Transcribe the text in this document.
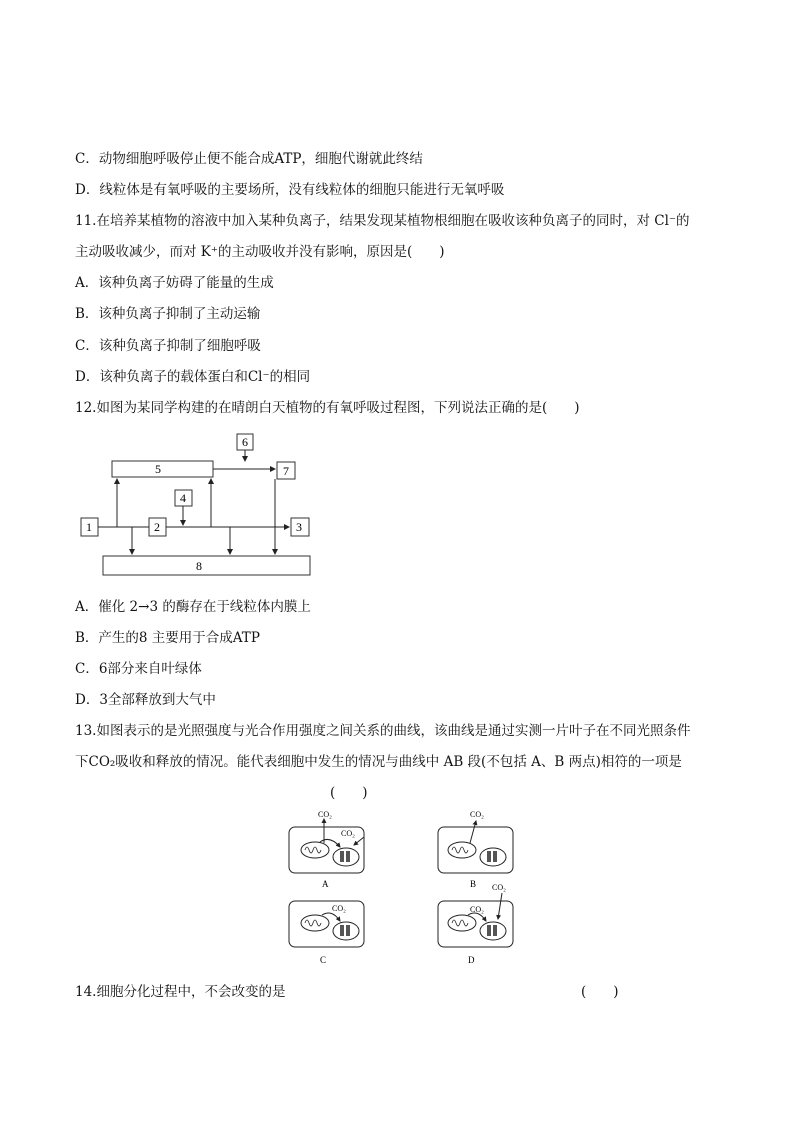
C．动物细胞呼吸停止便不能合成ATP，细胞代谢就此终结
D．线粒体是有氧呼吸的主要场所，没有线粒体的细胞只能进行无氧呼吸
11.在培养某植物的溶液中加入某种负离子，结果发现某植物根细胞在吸收该种负离子的同时，对 Cl⁻的
主动吸收减少，而对 K⁺的主动吸收并没有影响，原因是(　　)
A．该种负离子妨碍了能量的生成
B．该种负离子抑制了主动运输
C．该种负离子抑制了细胞呼吸
D．该种负离子的载体蛋白和Cl⁻的相同
12.如图为某同学构建的在晴朗白天植物的有氧呼吸过程图，下列说法正确的是(　　)
5
6
7
4
1	2	3
8
A．催化 2→3 的酶存在于线粒体内膜上
B．产生的8 主要用于合成ATP
C．6部分来自叶绿体
D．3全部释放到大气中
13.如图表示的是光照强度与光合作用强度之间关系的曲线，该曲线是通过实测一片叶子在不同光照条件
下CO₂吸收和释放的情况。能代表细胞中发生的情况与曲线中 AB 段(不包括 A、B 两点)相符的一项是
(　　)
CO₂
CO₂
A
CO₂
B
CO₂
C
CO₂
CO₂
D
14.细胞分化过程中，不会改变的是	(　　)
